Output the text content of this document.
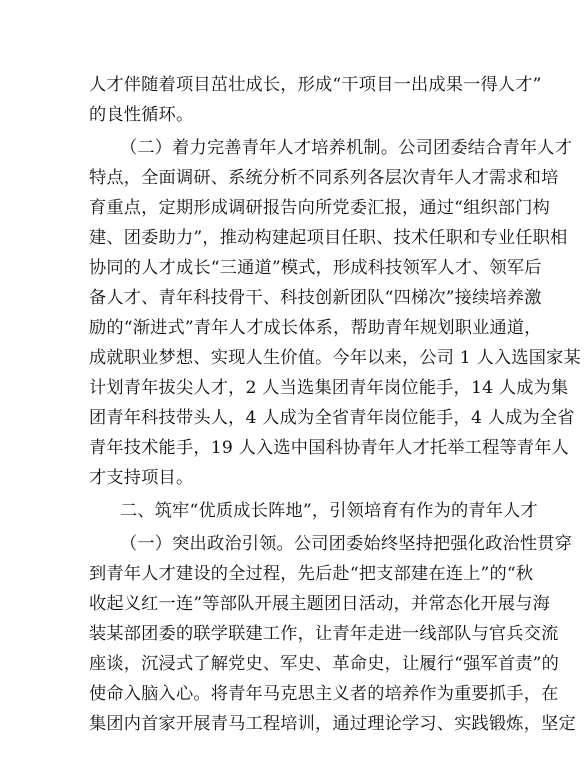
人才伴随着项目茁壮成长，形成“干项目一出成果一得人才”
的良性循环。
（二）着力完善青年人才培养机制。公司团委结合青年人才
特点，全面调研、系统分析不同系列各层次青年人才需求和培
育重点，定期形成调研报告向所党委汇报，通过“组织部门构
建、团委助力”，推动构建起项目任职、技术任职和专业任职相
协同的人才成长“三通道”模式，形成科技领军人才、领军后
备人才、青年科技骨干、科技创新团队“四梯次”接续培养激
励的“渐进式”青年人才成长体系，帮助青年规划职业通道，
成就职业梦想、实现人生价值。今年以来，公司 1 人入选国家某
计划青年拔尖人才，2 人当选集团青年岗位能手，14 人成为集
团青年科技带头人，4 人成为全省青年岗位能手，4 人成为全省
青年技术能手，19 人入选中国科协青年人才托举工程等青年人
才支持项目。
二、筑牢“优质成长阵地”，引领培育有作为的青年人才
（一）突出政治引领。公司团委始终坚持把强化政治性贯穿
到青年人才建设的全过程，先后赴“把支部建在连上”的“秋
收起义红一连”等部队开展主题团日活动，并常态化开展与海
装某部团委的联学联建工作，让青年走进一线部队与官兵交流
座谈，沉浸式了解党史、军史、革命史，让履行“强军首责”的
使命入脑入心。将青年马克思主义者的培养作为重要抓手，在
集团内首家开展青马工程培训，通过理论学习、实践锻炼，坚定
